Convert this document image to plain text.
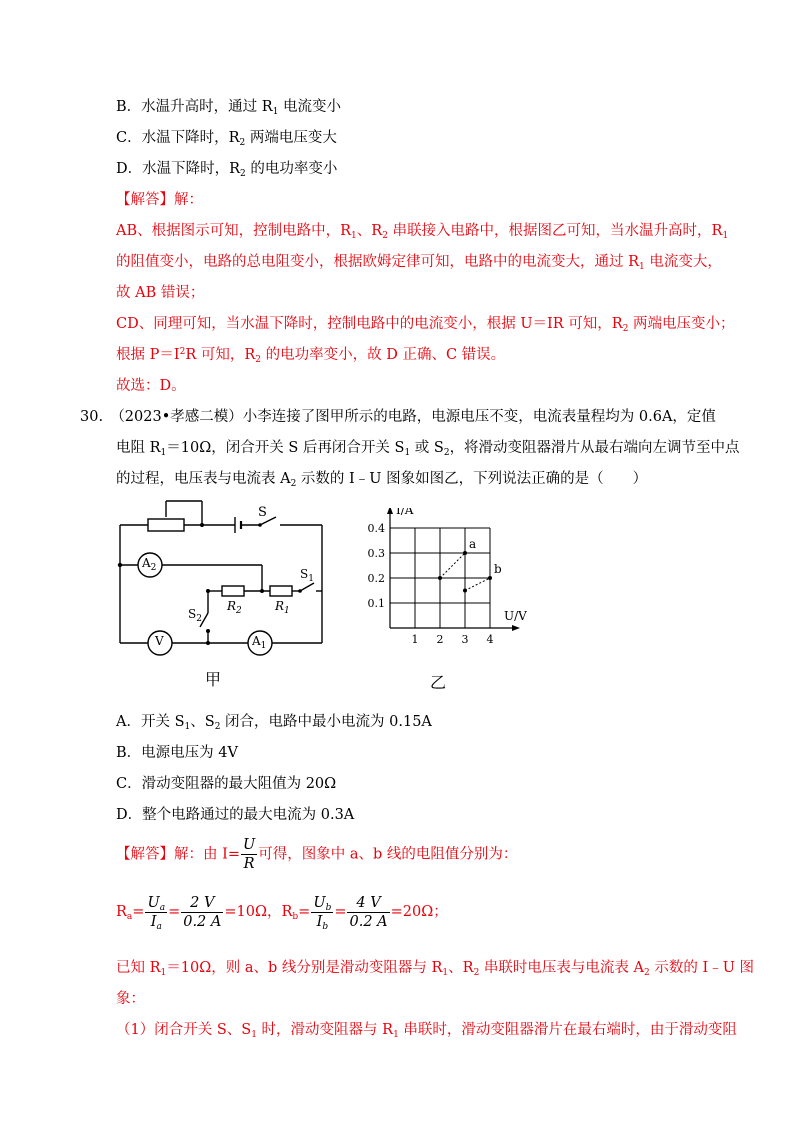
B．水温升高时，通过 $R_1$ 电流变小
C．水温下降时，$R_2$ 两端电压变大
D．水温下降时，$R_2$ 的电功率变小
【解答】解：
AB、根据图示可知，控制电路中，$R_1$、$R_2$ 串联接入电路中，根据图乙可知，当水温升高时，$R_1$
的阻值变小，电路的总电阻变小，根据欧姆定律可知，电路中的电流变大，通过 $R_1$ 电流变大，
故 AB 错误；
CD、同理可知，当水温下降时，控制电路中的电流变小，根据 U＝IR 可知，$R_2$ 两端电压变小；
根据 $P=I^2R$ 可知，$R_2$ 的电功率变小，故 D 正确、C 错误。
故选：D。
30.　 （2023•孝感二模）小李连接了图甲所示的电路，电源电压不变，电流表量程均为 0.6A，定值
电阻 $R_1=10\Omega$，闭合开关 S 后再闭合开关 $S_1$ 或 $S_2$，将滑动变阻器滑片从最右端向左调节至中点
的过程，电压表与电流表 $A_2$ 示数的 I﹣U 图象如图乙，下列说法正确的是（　　）
S
$A_2$	$S_1$
$S_2$
$R_2$	$R_1$
V	$A_1$
甲
0.4
0.3
0.2
0.1
1 2 3 4
I/A
U/V
a
b
乙
A．开关 $S_1$、$S_2$ 闭合，电路中最小电流为 0.15A
B．电源电压为 4V
C．滑动变阻器的最大阻值为 20Ω
D．整个电路通过的最大电流为 0.3A
【解答】解：由 $I= \frac{U}{R}$ 可得，图象中 a、b 线的电阻值分别为：
$R_a= \frac{U_a}{I_a} = \frac{2 V}{0.2 A} =10\Omega$，$R_b= \frac{U_b}{I_b} = \frac{4 V}{0.2 A} =20\Omega$；
已知 $R_1=10\Omega$，则 a、b 线分别是滑动变阻器与 $R_1$、$R_2$ 串联时电压表与电流表 $A_2$ 示数的 I﹣U 图
象：
（1）闭合开关 S、$S_1$ 时，滑动变阻器与 $R_1$ 串联时，滑动变阻器滑片在最右端时，由于滑动变阻
